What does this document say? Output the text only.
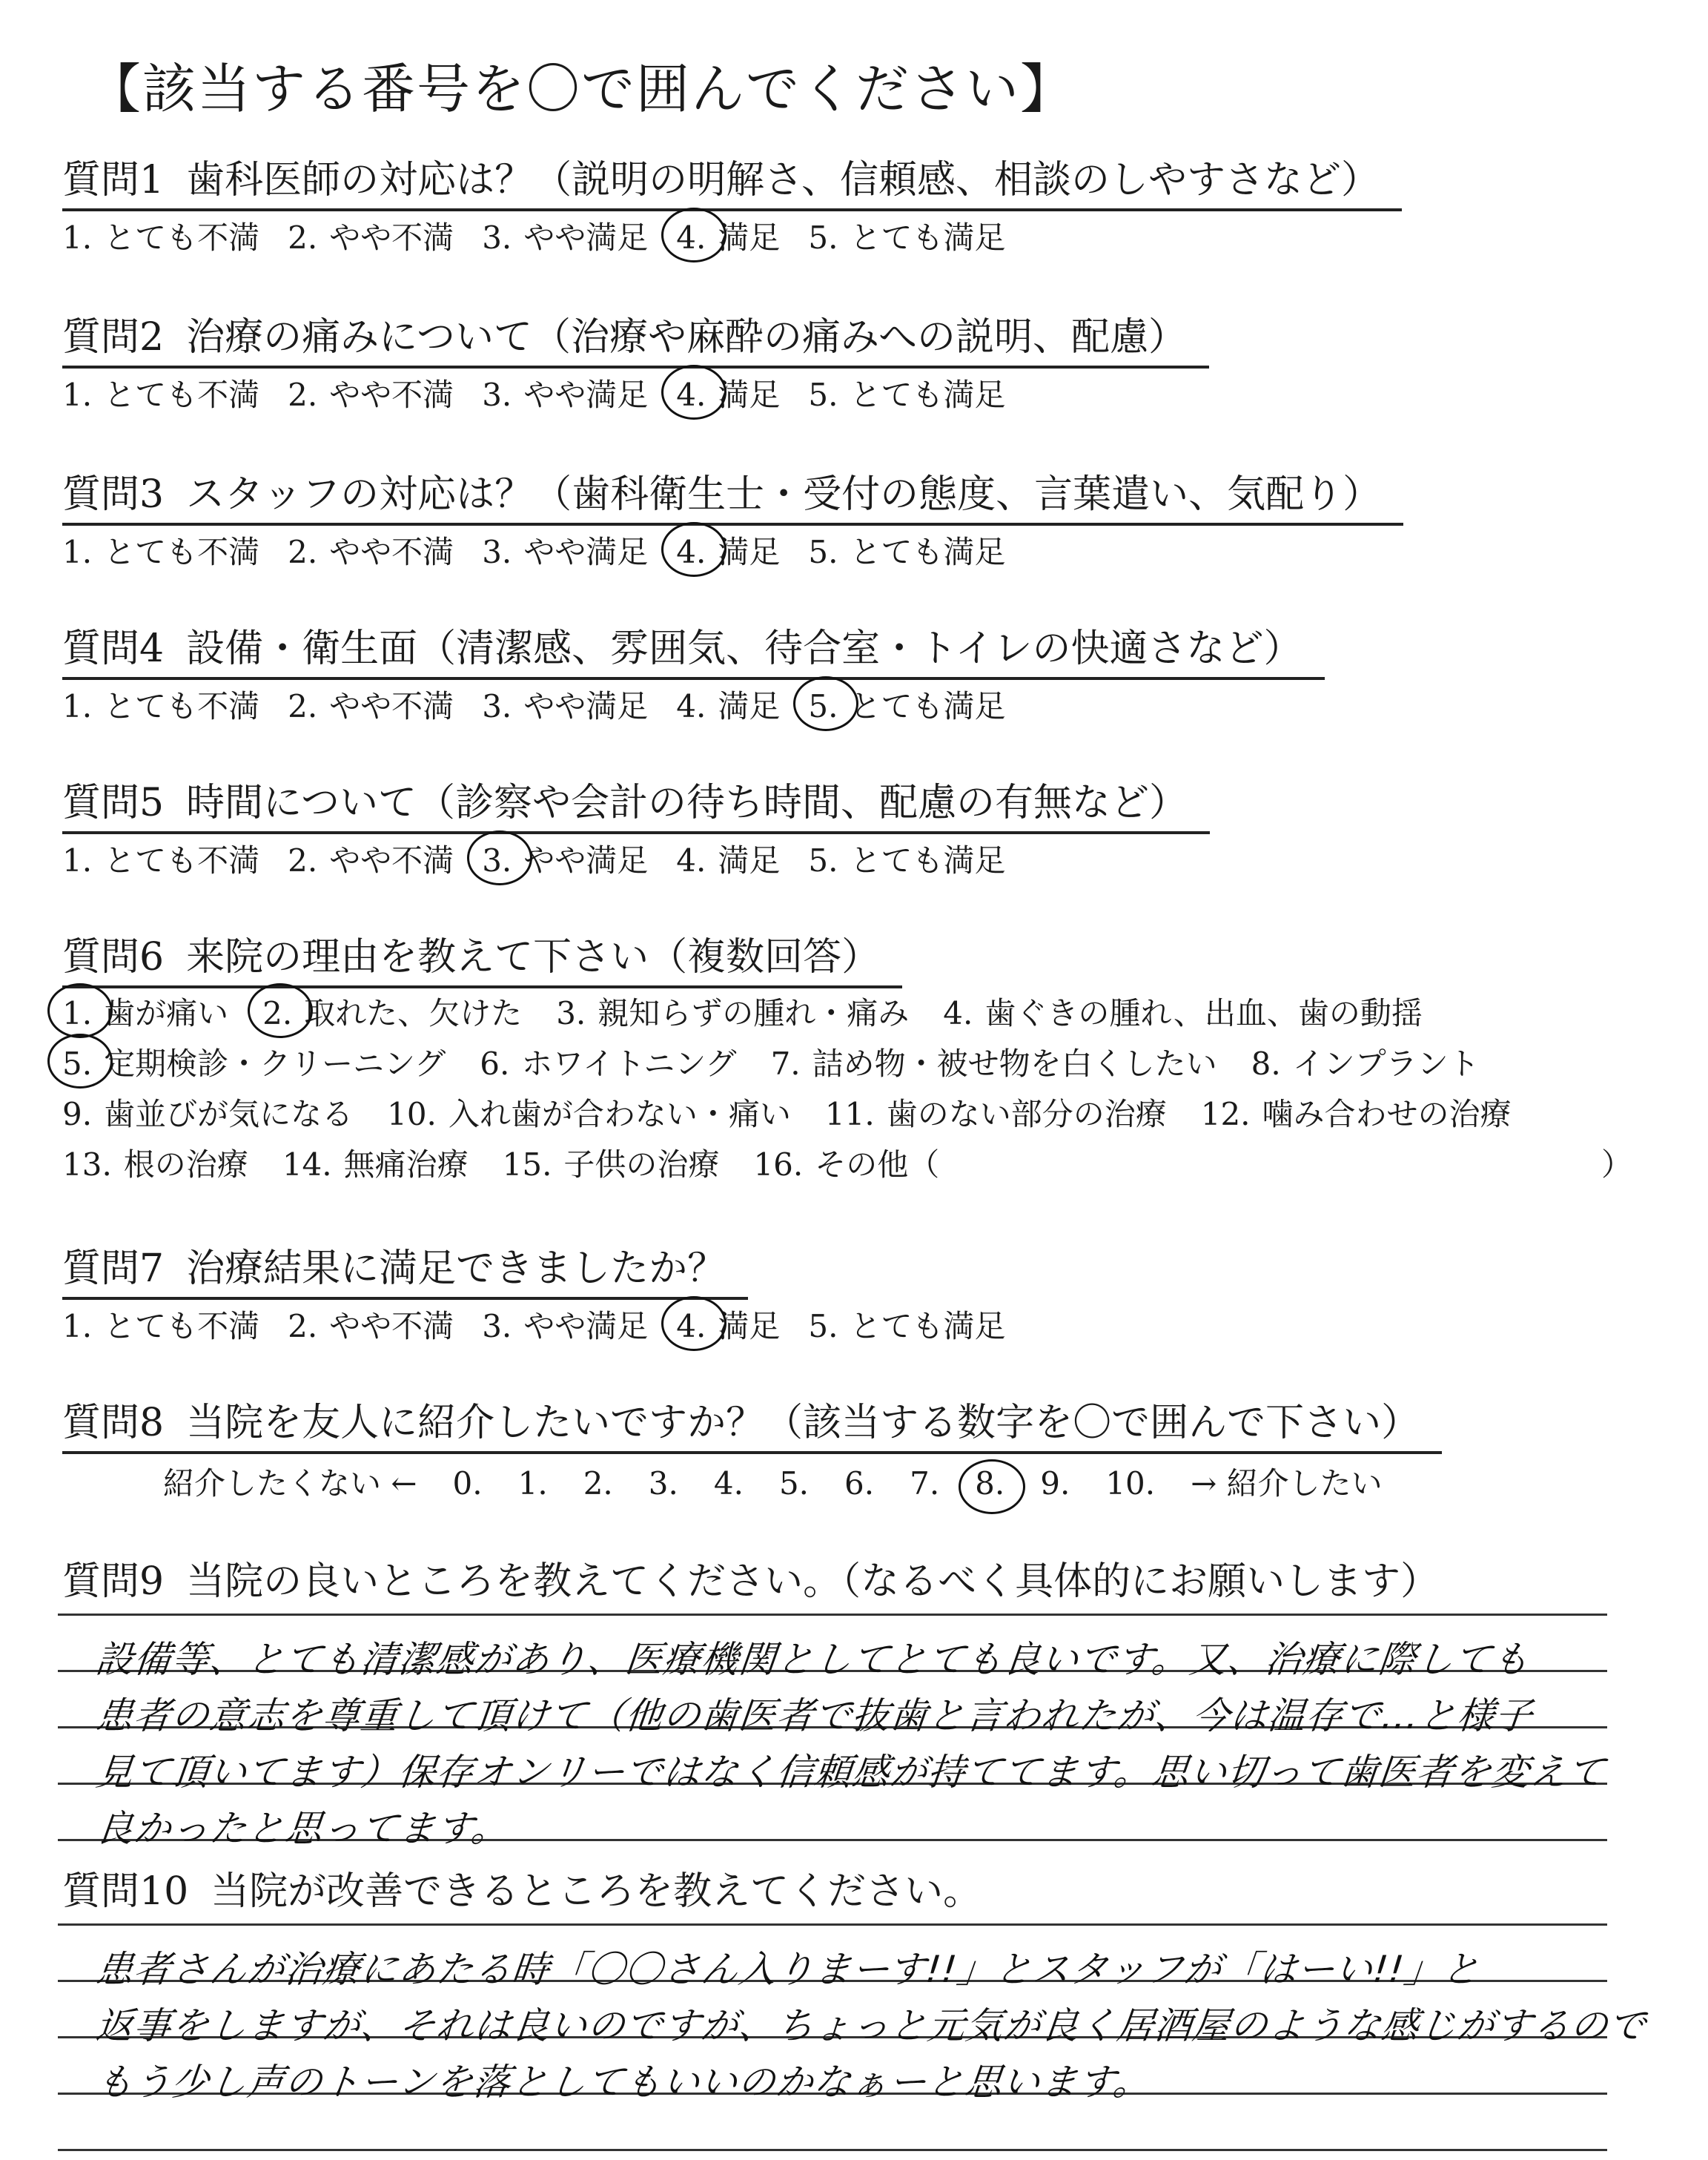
【該当する番号を〇で囲んでください】
質問1 歯科医師の対応は？（説明の明解さ、信頼感、相談のしやすさなど）
1. とても不満 2. やや不満 3. やや満足 4. 満足 5. とても満足
質問2 治療の痛みについて（治療や麻酔の痛みへの説明、配慮）
1. とても不満 2. やや不満 3. やや満足 4. 満足 5. とても満足
質問3 スタッフの対応は？（歯科衛生士・受付の態度、言葉遣い、気配り）
1. とても不満 2. やや不満 3. やや満足 4. 満足 5. とても満足
質問4 設備・衛生面（清潔感、雰囲気、待合室・トイレの快適さなど）
1. とても不満 2. やや不満 3. やや満足 4. 満足 5. とても満足
質問5 時間について（診察や会計の待ち時間、配慮の有無など）
1. とても不満 2. やや不満 3. やや満足 4. 満足 5. とても満足
質問6 来院の理由を教えて下さい（複数回答）
1. 歯が痛い 2. 取れた、欠けた 3. 親知らずの腫れ・痛み 4. 歯ぐきの腫れ、出血、歯の動揺
5. 定期検診・クリーニング 6. ホワイトニング 7. 詰め物・被せ物を白くしたい 8. インプラント
9. 歯並びが気になる 10. 入れ歯が合わない・痛い 11. 歯のない部分の治療 12. 噛み合わせの治療
13. 根の治療 14. 無痛治療 15. 子供の治療 16. その他（	）
質問7 治療結果に満足できましたか？
1. とても不満 2. やや不満 3. やや満足 4. 満足 5. とても満足
質問8 当院を友人に紹介したいですか？（該当する数字を〇で囲んで下さい）
紹介したくない ← 0. 1. 2. 3. 4. 5. 6. 7. 8. 9. 10. → 紹介したい
質問9 当院の良いところを教えてください。（なるべく具体的にお願いします）
設備等、とても清潔感があり、医療機関としてとても良いです。又、治療に際しても
患者の意志を尊重して頂けて（他の歯医者で抜歯と言われたが、今は温存で…と様子
見て頂いてます）保存オンリーではなく信頼感が持ててます。思い切って歯医者を変えて
良かったと思ってます。
質問10 当院が改善できるところを教えてください。
患者さんが治療にあたる時「〇〇さん入りまーす!!」とスタッフが「はーい!!」と
返事をしますが、それは良いのですが、ちょっと元気が良く居酒屋のような感じがするので
もう少し声のトーンを落としてもいいのかなぁーと思います。
